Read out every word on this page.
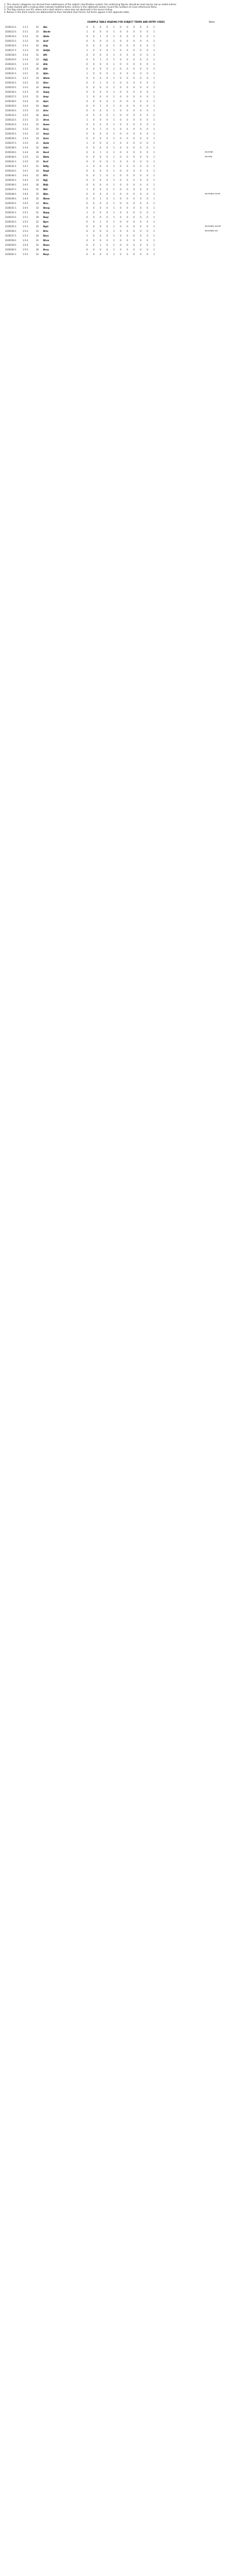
1. The column categories are derived from subdivisions of the subject classification system; the underlying figures should be read row by row as coded entries.
2. Codes marked with a trailing letter indicate modified forms; entries in the rightmost column record the numbers of cross-referenced items.
3. The flag columns use 0/1 values and a dash where a value was not observed in the source listing.
4. Names in the third column are abbreviated to their standard short forms; full forms appear in the appendix table.
EXAMPLE TABLE HEADING FOR SUBJECT TERMS AND ENTRY CODES	Notes
2100112-1	1-1-1	32 Abc	0 0 0 0 1 0 0 0 0 0 1
2100113-1	1-1-1	33 Abcde	1 0 0 0 1 0 0 0 0 0 1
2100114-1	1-1-2	31 Abde	0 0 1 0 1 0 0 0 0 0 1
2100115-1	1-1-2	34 Acef	0 0 0 0 1 0 0 0 0 0 1
2100116-1	1-1-3	32 Adg	0 0 0 0 1 0 0 0 0 0 1
2100117-1	1-1-3	35 Aefgh	1 0 0 0 1 0 0 0 0 0 1
2100118-1	1-1-4	31 Afh	0 0 0 0 1 0 0 0 0 0 1
2100119-1	1-1-4	33 Agij	0 0 1 0 1 0 0 0 0 0 1
2100120-1	1-1-5	32 Ahk	0 0 0 0 1 0 0 0 0 0 1
2100121-1	1-1-5	36 Aikl	0 0 0 0 1 0 0 0 0 0 1
2100122-1	1-2-1	31 Ajlm	1 0 0 0 1 0 0 0 0 0 1
2100123-1	1-2-1	34 Akmn	0 0 0 0 1 0 0 0 0 0 1
2100124-1	1-2-2	32 Alno	0 0 1 0 1 0 0 0 0 0 1
2100125-1	1-2-2	33 Amop	0 0 0 0 1 0 0 0 0 0 1
2100126-1	1-2-3	35 Anpq	0 0 0 0 1 0 0 0 0 0 1
2100127-1	1-2-3	31 Aoqr	1 0 0 0 1 0 0 0 0 0 1
2100128-1	1-2-4	32 Aprs	0 0 0 0 1 0 0 0 0 0 1
2100129-1	1-2-4	34 Aqst	0 0 1 0 1 0 0 0 0 0 1
2100130-1	1-2-5	33 Artu	0 0 0 0 1 0 0 0 0 0 1
2100131-1	1-2-5	36 Asuv	0 0 0 0 1 0 0 0 0 0 1
2100132-1	1-3-1	31 Atvw	1 0 0 0 1 0 0 0 0 0 1
2100133-1	1-3-1	32 Auwx	0 0 0 0 1 0 0 0 0 0 1
2100134-1	1-3-2	35 Avxy	0 0 1 0 1 0 0 0 0 0 1
2100135-1	1-3-2	33 Awyz	0 0 0 0 1 0 0 0 0 0 1
2100136-1	1-3-3	34 Axza	0 0 0 0 1 0 0 0 0 0 1
2100137-1	1-3-3	31 Ayab	1 0 0 0 1 0 0 0 0 0 1
2100138-1	1-3-4	32 Azbc	0 0 0 0 1 0 0 0 0 0 1
2100139-1	1-3-4	36 Bacd	0 0 1 0 1 0 0 0 0 0 1	abcdefgh
2100140-1	1-3-5	33 Bbde	0 0 0 0 1 0 0 0 0 0 1	abcdefg
2100141-1	1-3-5	35 Bcef	0 0 0 0 1 0 0 0 0 0 1
2100142-1	1-4-1	31 Bdfg	1 0 0 0 1 0 0 0 0 0 1
2100143-1	1-4-1	34 Begh	0 0 0 0 1 0 0 0 0 0 1
2100144-1	1-4-2	32 Bfhi	0 0 1 0 1 0 0 0 0 0 1
2100145-1	1-4-2	33 Bgij	0 0 0 0 1 0 0 0 0 0 1
2100146-1	1-4-3	36 Bhjk	0 0 0 0 1 0 0 0 0 0 1
2100147-1	1-4-3	31 Bikl	1 0 0 0 1 0 0 0 0 0 1
2100148-1	1-4-4	35 Bjlm	0 0 0 0 1 0 0 0 0 0 1	abcdefghij abcde
2100149-1	1-4-4	32 Bkmn	0 0 1 0 1 0 0 0 0 0 1
2100150-1	1-4-5	34 Blno	0 0 0 0 1 0 0 0 0 0 1
2100151-1	1-4-5	33 Bmop	0 0 0 0 1 0 0 0 0 0 1
2100152-1	1-5-1	31 Bnpq	1 0 0 0 1 0 0 0 0 0 1
2100153-1	1-5-1	36 Boqr	0 0 0 0 1 0 0 0 0 0 1
2100154-1	1-5-2	32 Bprs	0 0 1 0 1 0 0 0 0 0 1
2100155-1	1-5-2	35 Bqst	0 0 0 0 1 0 0 0 0 0 1	abcdefghij abcdef
2100156-1	1-5-3	33 Brtu	0 0 0 0 1 0 0 0 0 0 1	abcdefghij abc
2100157-1	1-5-3	34 Bsuv	1 0 0 0 1 0 0 0 0 0 1
2100158-1	1-5-4	31 Btvw	0 0 0 0 1 0 0 0 0 0 1
2100159-1	1-5-4	32 Buwx	0 0 1 0 1 0 0 0 0 0 1
2100160-1	1-5-5	36 Bvxy	0 0 0 0 1 0 0 0 0 0 1
2100161-1	1-5-5	33 Bwyz	0 0 0 0 1 0 0 0 0 0 1
